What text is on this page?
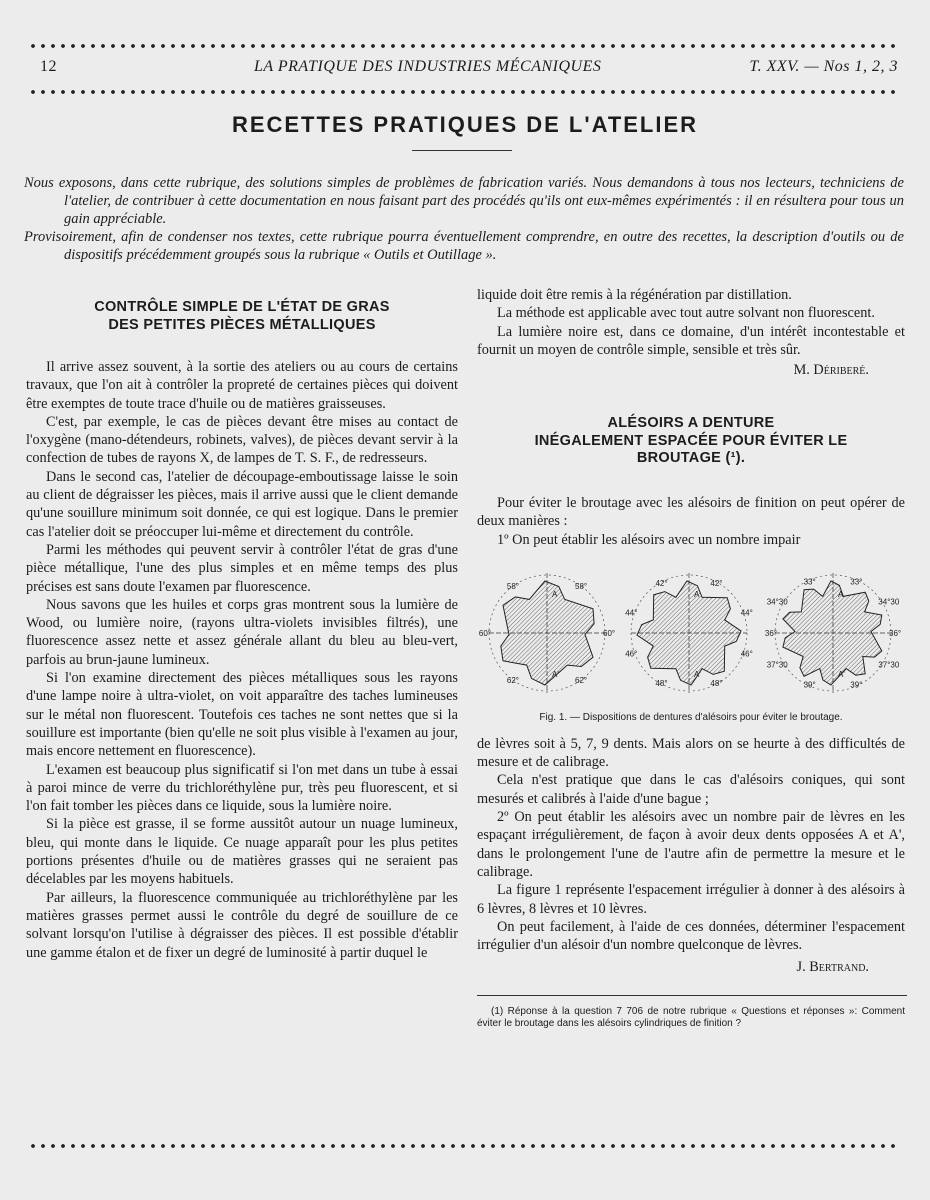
12	LA PRATIQUE DES INDUSTRIES MÉCANIQUES	T. XXV. — Nos 1, 2, 3
RECETTES PRATIQUES DE L'ATELIER

Nous exposons, dans cette rubrique, des solutions simples de problèmes de fabrication variés. Nous demandons à tous nos lecteurs, techniciens de l'atelier, de contribuer à cette documentation en nous faisant part des procédés qu'ils ont eux-mêmes expérimentés : il en résultera pour tous un gain appréciable.

Provisoirement, afin de condenser nos textes, cette rubrique pourra éventuellement comprendre, en outre des recettes, la description d'outils ou de dispositifs précédemment groupés sous la rubrique « Outils et Outillage ».

CONTRÔLE SIMPLE DE L'ÉTAT DE GRAS
DES PETITES PIÈCES MÉTALLIQUES

Il arrive assez souvent, à la sortie des ateliers ou au cours de certains travaux, que l'on ait à contrôler la propreté de certaines pièces qui doivent être exemptes de toute trace d'huile ou de matières graisseuses.

C'est, par exemple, le cas de pièces devant être mises au contact de l'oxygène (mano-détendeurs, robinets, valves), de pièces devant servir à la confection de tubes de rayons X, de lampes de T. S. F., de redresseurs.

Dans le second cas, l'atelier de découpage-emboutissage laisse le soin au client de dégraisser les pièces, mais il arrive aussi que le client demande qu'une souillure minimum soit donnée, ce qui est logique. Dans le premier cas l'atelier doit se préoccuper lui-même et directement du contrôle.

Parmi les méthodes qui peuvent servir à contrôler l'état de gras d'une pièce métallique, l'une des plus simples et en même temps des plus précises est sans doute l'examen par fluorescence.

Nous savons que les huiles et corps gras montrent sous la lumière de Wood, ou lumière noire, (rayons ultra-violets invisibles filtrés), une fluorescence assez nette et assez générale allant du bleu au bleu-vert, parfois au brun-jaune lumineux.

Si l'on examine directement des pièces métalliques sous les rayons d'une lampe noire à ultra-violet, on voit apparaître des taches lumineuses sur le métal non fluorescent. Toutefois ces taches ne sont nettes que si la souillure est importante (bien qu'elle ne soit plus visible à l'examen au jour, mais encore nettement en fluorescence).

L'examen est beaucoup plus significatif si l'on met dans un tube à essai à paroi mince de verre du trichloréthylène pur, très peu fluorescent, et si l'on fait tomber les pièces dans ce liquide, sous la lumière noire.

Si la pièce est grasse, il se forme aussitôt autour un nuage lumineux, bleu, qui monte dans le liquide. Ce nuage apparaît pour les plus petites portions présentes d'huile ou de matières grasses qui ne seraient pas décelables par les moyens habituels.

Par ailleurs, la fluorescence communiquée au trichloréthylène par les matières grasses permet aussi le contrôle du degré de souillure de ce solvant lorsqu'on l'utilise à dégraisser des pièces. Il est possible d'établir une gamme étalon et de fixer un degré de luminosité à partir duquel le

liquide doit être remis à la régénération par distillation.

La méthode est applicable avec tout autre solvant non fluorescent.

La lumière noire est, dans ce domaine, d'un intérêt incontestable et fournit un moyen de contrôle simple, sensible et très sûr.

M. Dériberé.

ALÉSOIRS A DENTURE
INÉGALEMENT ESPACÉE POUR ÉVITER LE
BROUTAGE (¹).

Pour éviter le broutage avec les alésoirs de finition on peut opérer de deux manières :

1º On peut établir les alésoirs avec un nombre impair

A
A'
58°	58°
60°	60°
62°	62°
A
A'
42°	42°
44°	44°
46°	46°
48°	48°
A
A'
33°	33°
34°30	34°30
36°	36°
37°30	37°30
39°	39°
Fig. 1. — Dispositions de dentures d'alésoirs pour éviter le broutage.

de lèvres soit à 5, 7, 9 dents. Mais alors on se heurte à des difficultés de mesure et de calibrage.

Cela n'est pratique que dans le cas d'alésoirs coniques, qui sont mesurés et calibrés à l'aide d'une bague ;

2º On peut établir les alésoirs avec un nombre pair de lèvres en les espaçant irrégulièrement, de façon à avoir deux dents opposées A et A', dans le prolongement l'une de l'autre afin de permettre la mesure et le calibrage.

La figure 1 représente l'espacement irrégulier à donner à des alésoirs à 6 lèvres, 8 lèvres et 10 lèvres.

On peut facilement, à l'aide de ces données, déterminer l'espacement irrégulier d'un alésoir d'un nombre quelconque de lèvres.

J. Bertrand.

(1) Réponse à la question 7 706 de notre rubrique « Questions et réponses »: Comment éviter le broutage dans les alésoirs cylindriques de finition ?
